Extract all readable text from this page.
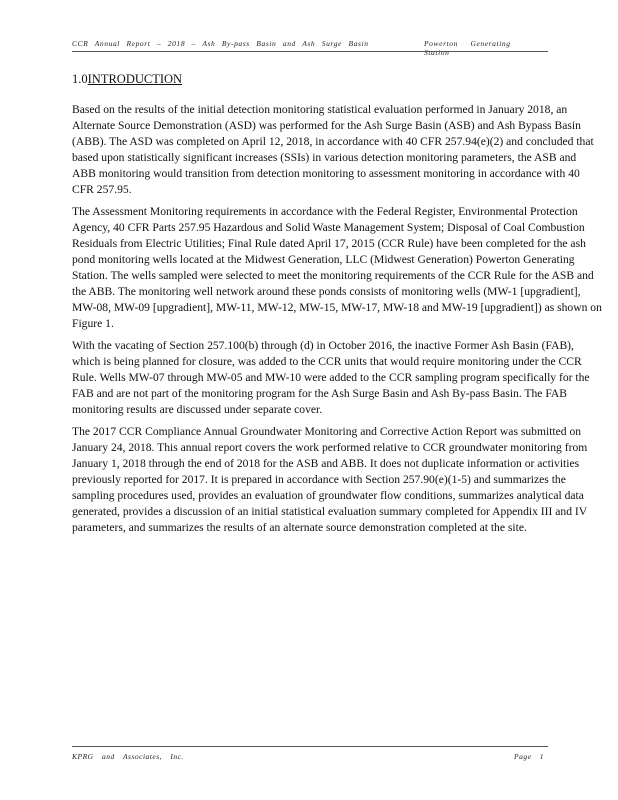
CCR Annual Report – 2018 – Ash By-pass Basin and Ash Surge Basin	Powerton Generating Station
1.0INTRODUCTION

Based on the results of the initial detection monitoring statistical evaluation performed in January 2018, an Alternate Source Demonstration (ASD) was performed for the Ash Surge Basin (ASB) and Ash Bypass Basin (ABB). The ASD was completed on April 12, 2018, in accordance with 40 CFR 257.94(e)(2) and concluded that based upon statistically significant increases (SSIs) in various detection monitoring parameters, the ASB and ABB monitoring would transition from detection monitoring to assessment monitoring in accordance with 40 CFR 257.95.

The Assessment Monitoring requirements in accordance with the Federal Register, Environmental Protection Agency, 40 CFR Parts 257.95 Hazardous and Solid Waste Management System; Disposal of Coal Combustion Residuals from Electric Utilities; Final Rule dated April 17, 2015 (CCR Rule) have been completed for the ash pond monitoring wells located at the Midwest Generation, LLC (Midwest Generation) Powerton Generating Station. The wells sampled were selected to meet the monitoring requirements of the CCR Rule for the ASB and the ABB. The monitoring well network around these ponds consists of monitoring wells (MW-1 [upgradient], MW-08, MW-09 [upgradient], MW-11, MW-12, MW-15, MW-17, MW-18 and MW-19 [upgradient]) as shown on Figure 1.

With the vacating of Section 257.100(b) through (d) in October 2016, the inactive Former Ash Basin (FAB), which is being planned for closure, was added to the CCR units that would require monitoring under the CCR Rule. Wells MW-07 through MW-05 and MW-10 were added to the CCR sampling program specifically for the FAB and are not part of the monitoring program for the Ash Surge Basin and Ash By-pass Basin. The FAB monitoring results are discussed under separate cover.

The 2017 CCR Compliance Annual Groundwater Monitoring and Corrective Action Report was submitted on January 24, 2018. This annual report covers the work performed relative to CCR groundwater monitoring from January 1, 2018 through the end of 2018 for the ASB and ABB. It does not duplicate information or activities previously reported for 2017. It is prepared in accordance with Section 257.90(e)(1-5) and summarizes the sampling procedures used, provides an evaluation of groundwater flow conditions, summarizes analytical data generated, provides a discussion of an initial statistical evaluation summary completed for Appendix III and IV parameters, and summarizes the results of an alternate source demonstration completed at the site.

KPRG and Associates, Inc.	Page 1
